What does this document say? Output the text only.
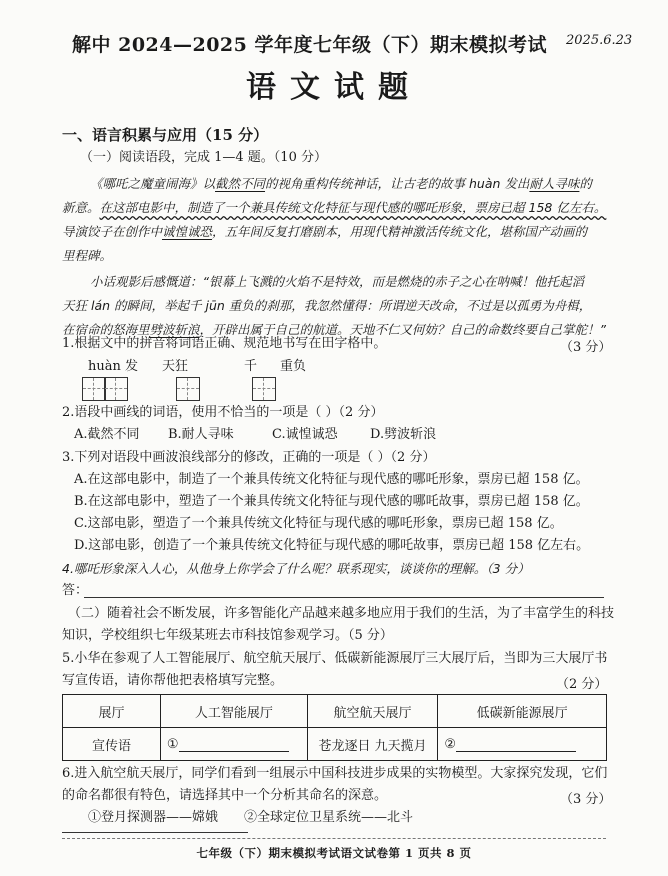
解中 2024—2025 学年度七年级（下）期末模拟考试 2025.6.23
语文试题
一、语言积累与应用（15 分）
（一）阅读语段，完成 1—4 题。（10 分）
《哪吒之魔童闹海》以截然不同的视角重构传统神话，让古老的故事 huàn 发出耐人寻味的
新意。在这部电影中，制造了一个兼具传统文化特征与现代感的哪吒形象，票房已超 158 亿左右。
导演饺子在创作中诚惶诚恐，五年间反复打磨剧本，用现代精神激活传统文化，堪称国产动画的
里程碑。
小话观影后感慨道：“银幕上飞溅的火焰不是特效，而是燃烧的赤子之心在呐喊！他托起滔
天狂 lán 的瞬间，举起千 jūn 重负的刹那，我忽然懂得：所谓逆天改命，不过是以孤勇为舟楫，
在宿命的怒海里劈波斩浪，开辟出属于自己的航道。天地不仁又何妨？自己的命数终要自己掌舵！”
1.根据文中的拼音将词语正确、规范地书写在田字格中。	（3 分）
huàn 发 天狂	千 重负
2.语段中画线的词语，使用不恰当的一项是（ ）（2 分）
A.截然不同 B.耐人寻味	C.诚惶诚恐 D.劈波斩浪
3.下列对语段中画波浪线部分的修改，正确的一项是（ ）（2 分）
A.在这部电影中，制造了一个兼具传统文化特征与现代感的哪吒形象，票房已超 158 亿。
B.在这部电影中，塑造了一个兼具传统文化特征与现代感的哪吒故事，票房已超 158 亿。
C.这部电影，塑造了一个兼具传统文化特征与现代感的哪吒形象，票房已超 158 亿。
D.这部电影，创造了一个兼具传统文化特征与现代感的哪吒故事，票房已超 158 亿左右。
4.哪吒形象深入人心，从他身上你学会了什么呢？联系现实，谈谈你的理解。（3 分）
答：
（二）随着社会不断发展，许多智能化产品越来越多地应用于我们的生活，为了丰富学生的科技
知识，学校组织七年级某班去市科技馆参观学习。（5 分）
5.小华在参观了人工智能展厅、航空航天展厅、低碳新能源展厅三大展厅后，当即为三大展厅书
写宣传语，请你帮他把表格填写完整。	（2 分）
展厅	人工智能展厅	航空航天展厅	低碳新能源展厅
宣传语	①	苍龙逐日 九天揽月	②
6.进入航空航天展厅，同学们看到一组展示中国科技进步成果的实物模型。大家探究发现，它们
的命名都很有特色，请选择其中一个分析其命名的深意。	（3 分）
①登月探测器——嫦娥 ②全球定位卫星系统——北斗
七年级（下）期末模拟考试语文试卷第 1 页共 8 页
